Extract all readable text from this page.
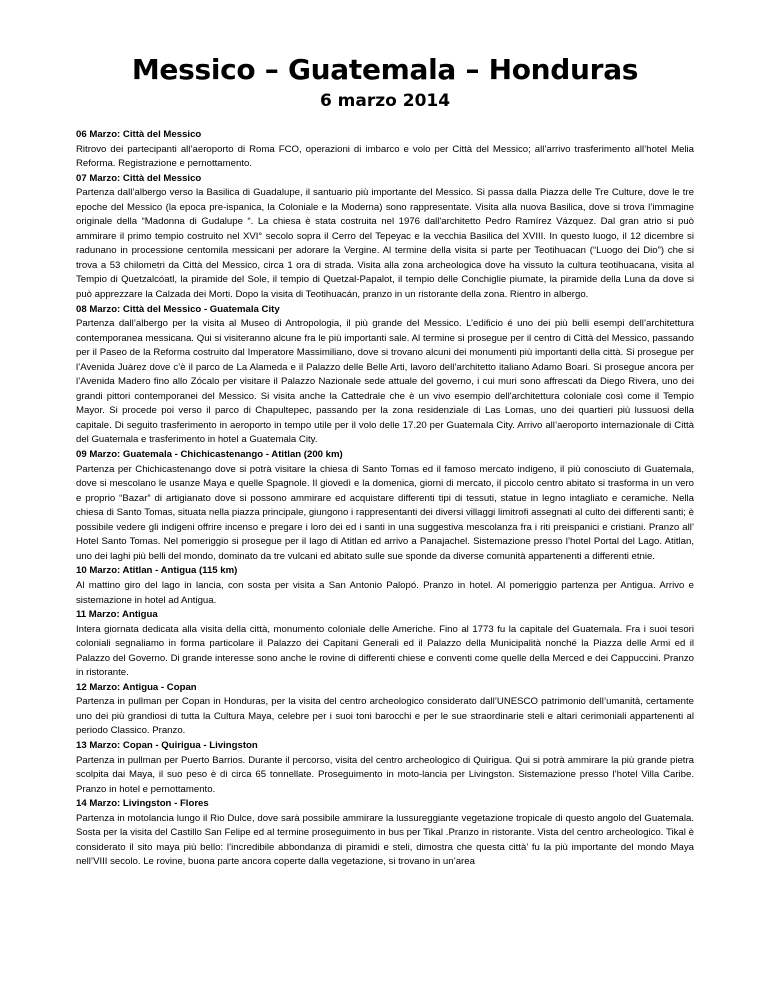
Messico – Guatemala – Honduras
6 marzo 2014

06 Marzo: Città del Messico

Ritrovo dei partecipanti all’aeroporto di Roma FCO, operazioni di imbarco e volo per Città del Messico; all’arrivo trasferimento all’hotel Melia Reforma. Registrazione e pernottamento.

07 Marzo: Città del Messico

Partenza dall’albergo verso la Basilica di Guadalupe, il santuario più importante del Messico. Si passa dalla Piazza delle Tre Culture, dove le tre epoche del Messico (la epoca pre-ispanica, la Coloniale e la Moderna) sono rappresentate. Visita alla nuova Basilica, dove si trova l’immagine originale della “Madonna di Gudalupe “. La chiesa è stata costruita nel 1976 dall'architetto Pedro Ramírez Vázquez. Dal gran atrio si può ammirare il primo tempio costruito nel XVI° secolo sopra il Cerro del Tepeyac e la vecchia Basilica del XVIII. In questo luogo, il 12 dicembre si radunano in processione centomila messicani per adorare la Vergine. Al termine della visita si parte per Teotihuacan (“Luogo dei Dio”) che si trova a 53 chilometri da Città del Messico, circa 1 ora di strada. Visita alla zona archeologica dove ha vissuto la cultura teotihuacana, visita al Tempio di Quetzalcóatl, la piramide del Sole, il tempio di Quetzal-Papalot, il tempio delle Conchiglie piumate, la piramide della Luna da dove si può apprezzare la Calzada dei Morti. Dopo la visita di Teotihuacán, pranzo in un ristorante della zona. Rientro in albergo.

08 Marzo: Città del Messico - Guatemala City

Partenza dall’albergo per la visita al Museo di Antropologia, il più grande del Messico. L’edificio é uno dei più belli esempi dell’architettura contemporanea messicana. Qui si visiteranno alcune fra le più importanti sale. Al termine si prosegue per il centro di Città del Messico, passando per il Paseo de la Reforma costruito dal Imperatore Massimiliano, dove si trovano alcuni dei monumenti più importanti della città. Si prosegue per l’Avenida Juàrez dove c’è il parco de La Alameda e il Palazzo delle Belle Arti, lavoro dell’architetto italiano Adamo Boari. Si prosegue ancora per l’Avenida Madero fino allo Zócalo per visitare il Palazzo Nazionale sede attuale del governo, i cui muri sono affrescati da Diego Rivera, uno dei grandi pittori contemporanei del Messico. Si visita anche la Cattedrale che è un vivo esempio dell'architettura coloniale così come il Tempio Mayor. Si procede poi verso il parco di Chapultepec, passando per la zona residenziale di Las Lomas, uno dei quartieri più lussuosi della capitale. Di seguito trasferimento in aeroporto in tempo utile per il volo delle 17.20 per Guatemala City. Arrivo all’aeroporto internazionale di Città del Guatemala e trasferimento in hotel a Guatemala City.

09 Marzo: Guatemala - Chichicastenango - Atitlan (200 km)

Partenza per Chichicastenango dove si potrà visitare la chiesa di Santo Tomas ed il famoso mercato indigeno, il più conosciuto di Guatemala, dove si mescolano le usanze Maya e quelle Spagnole. Il giovedì e la domenica, giorni di mercato, il piccolo centro abitato si trasforma in un vero e proprio “Bazar” di artigianato dove si possono ammirare ed acquistare differenti tipi di tessuti, statue in legno intagliato e ceramiche. Nella chiesa di Santo Tomas, situata nella piazza principale, giungono i rappresentanti dei diversi villaggi limitrofi assegnati al culto dei differenti santi; è possibile vedere gli indigeni offrire incenso e pregare i loro dei ed i santi in una suggestiva mescolanza fra i riti preispanici e cristiani. Pranzo all’ Hotel Santo Tomas. Nel pomeriggio si prosegue per il lago di Atitlan ed arrivo a Panajachel. Sistemazione presso l’hotel Portal del Lago. Atitlan, uno dei laghi più belli del mondo, dominato da tre vulcani ed abitato sulle sue sponde da diverse comunità appartenenti a differenti etnie.

10 Marzo: Atitlan - Antigua (115 km)

Al mattino giro del lago in lancia, con sosta per visita a San Antonio Palopó. Pranzo in hotel. Al pomeriggio partenza per Antigua. Arrivo e sistemazione in hotel ad Antigua.

11 Marzo: Antigua

Intera giornata dedicata alla visita della città, monumento coloniale delle Americhe. Fino al 1773 fu la capitale del Guatemala. Fra i suoi tesori coloniali segnaliamo in forma particolare il Palazzo dei Capitani Generali ed il Palazzo della Municipalità nonché la Piazza delle Armi ed il Palazzo del Governo. Di grande interesse sono anche le rovine di differenti chiese e conventi come quelle della Merced e dei Cappuccini. Pranzo in ristorante.

12 Marzo: Antigua - Copan

Partenza in pullman per Copan in Honduras, per la visita del centro archeologico considerato dall’UNESCO patrimonio dell’umanità, certamente uno dei più grandiosi di tutta la Cultura Maya, celebre per i suoi toni barocchi e per le sue straordinarie steli e altari cerimoniali appartenenti al periodo Classico. Pranzo.

13 Marzo: Copan - Quirigua - Livingston

Partenza in pullman per Puerto Barrios. Durante il percorso, visita del centro archeologico di Quirigua. Qui si potrà ammirare la più grande pietra scolpita dai Maya, il suo peso è di circa 65 tonnellate. Proseguimento in moto-lancia per Livingston. Sistemazione presso l’hotel Villa Caribe. Pranzo in hotel e pernottamento.

14 Marzo: Livingston - Flores

Partenza in motolancia lungo il Rio Dulce, dove sarà possibile ammirare la lussureggiante vegetazione tropicale di questo angolo del Guatemala. Sosta per la visita del Castillo San Felipe ed al termine proseguimento in bus per Tikal .Pranzo in ristorante. Vista del centro archeologico. Tikal è considerato il sito maya più bello: l’incredibile abbondanza di piramidi e steli, dimostra che questa città’ fu la più importante del mondo Maya nell’VIII secolo. Le rovine, buona parte ancora coperte dalla vegetazione, si trovano in un’area
